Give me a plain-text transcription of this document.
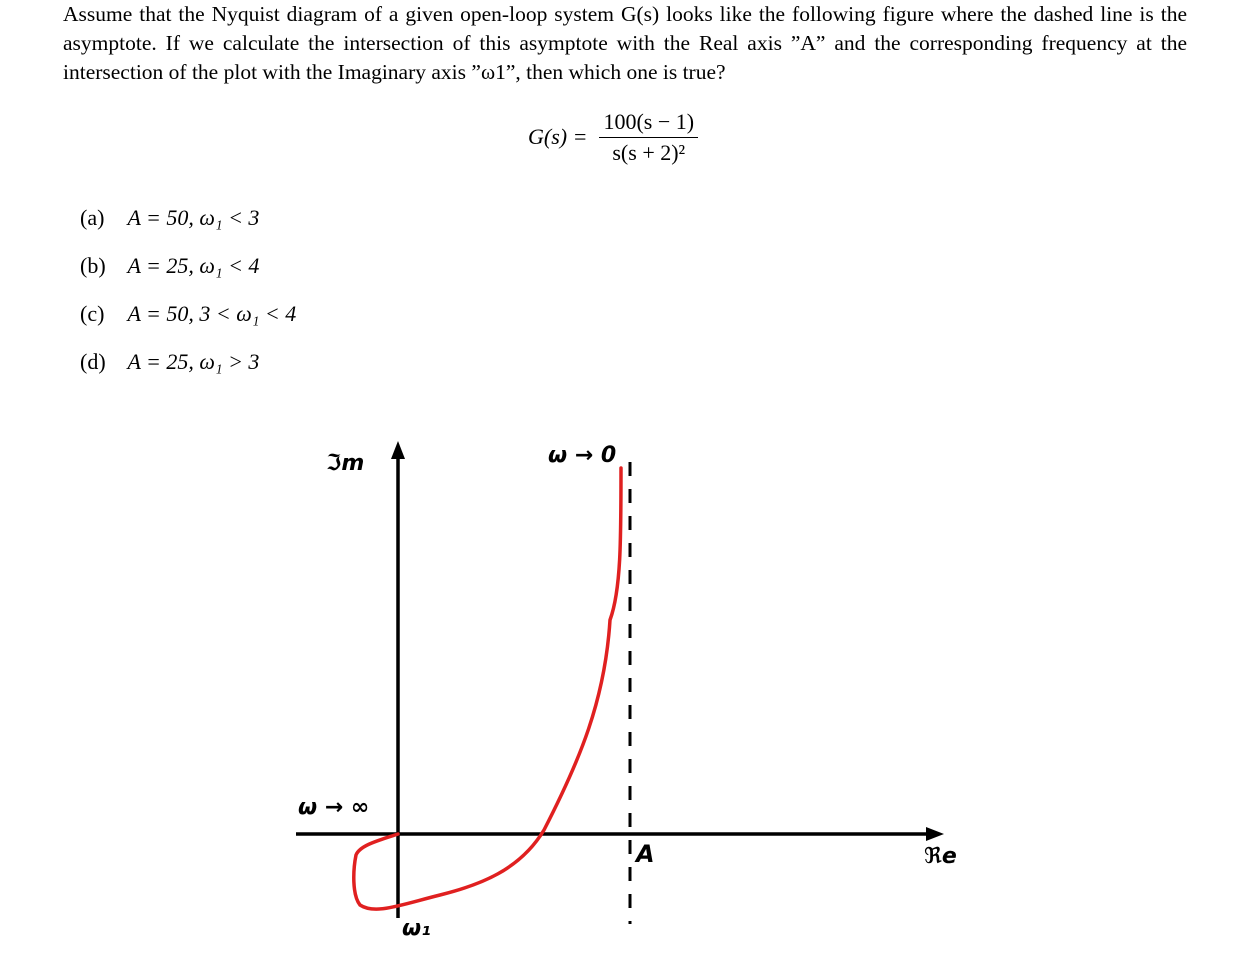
Assume that the Nyquist diagram of a given open-loop system G(s) looks like the following figure where the dashed line is the asymptote. If we calculate the intersection of this asymptote with the Real axis ”A” and the corresponding frequency at the intersection of the plot with the Imaginary axis ”ω1”, then which one is true?
$G(s) = \frac{100(s - 1)}{\text{s(s + 2)²}}$
(a) A = 50, ω₁ < 3
(b) A = 25, ω₁ < 4
(c) A = 50, 3 < ω₁ < 4
(d) A = 25, ω₁ > 3
ℑm
ℜe
ω → 0
ω → ∞
A
ω₁
